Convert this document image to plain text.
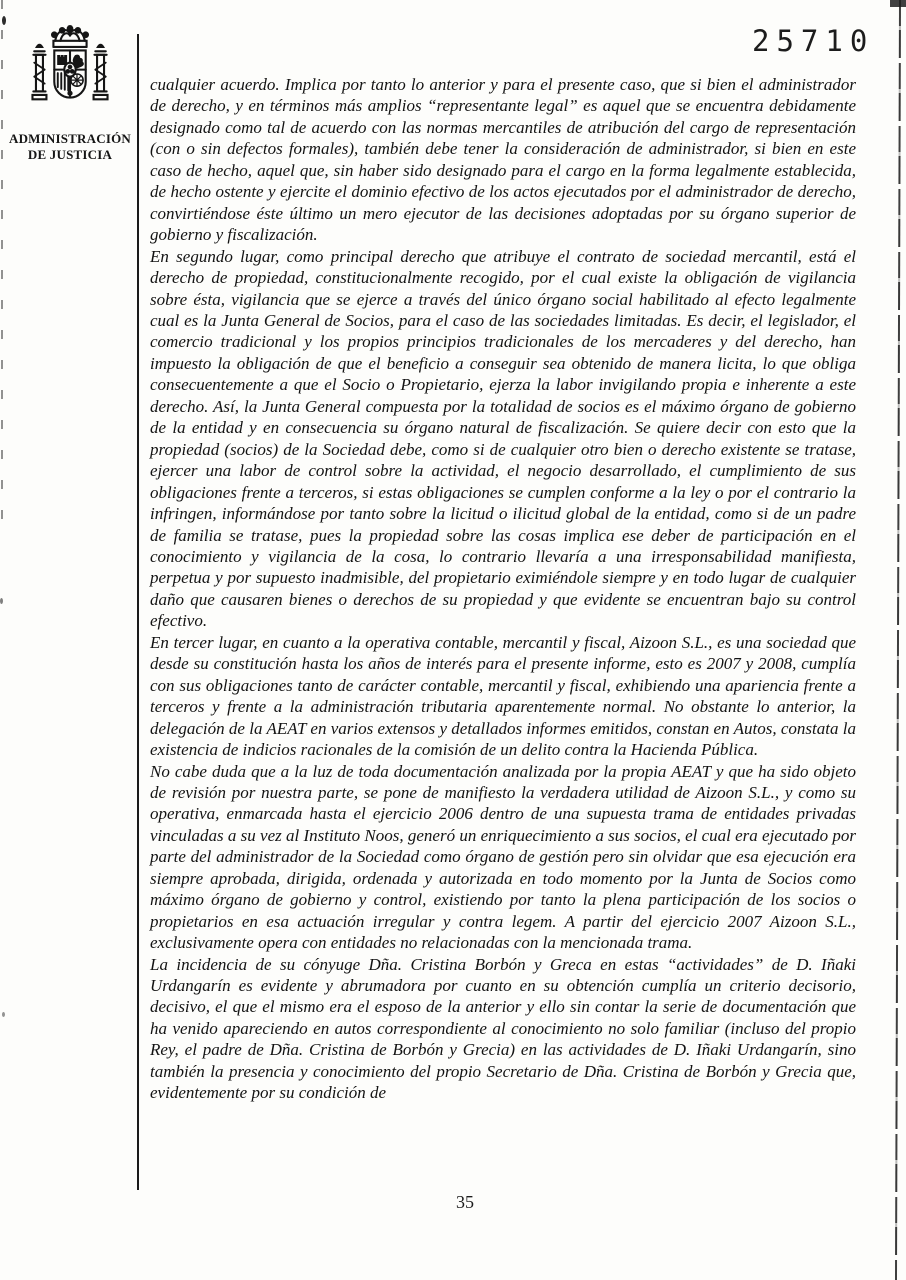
25710
ADMINISTRACIÓN
DE JUSTICIA

cualquier acuerdo. Implica por tanto lo anterior y para el presente caso, que si bien el administrador de derecho, y en términos más amplios “representante legal” es aquel que se encuentra debidamente designado como tal de acuerdo con las normas mercantiles de atribución del cargo de representación (con o sin defectos formales), también debe tener la consideración de administrador, si bien en este caso de hecho, aquel que, sin haber sido designado para el cargo en la forma legalmente establecida, de hecho ostente y ejercite el dominio efectivo de los actos ejecutados por el administrador de derecho, convirtiéndose éste último un mero ejecutor de las decisiones adoptadas por su órgano superior de gobierno y fiscalización.

En segundo lugar, como principal derecho que atribuye el contrato de sociedad mercantil, está el derecho de propiedad, constitucionalmente recogido, por el cual existe la obligación de vigilancia sobre ésta, vigilancia que se ejerce a través del único órgano social habilitado al efecto legalmente cual es la Junta General de Socios, para el caso de las sociedades limitadas. Es decir, el legislador, el comercio tradicional y los propios principios tradicionales de los mercaderes y del derecho, han impuesto la obligación de que el beneficio a conseguir sea obtenido de manera licita, lo que obliga consecuentemente a que el Socio o Propietario, ejerza la labor invigilando propia e inherente a este derecho. Así, la Junta General compuesta por la totalidad de socios es el máximo órgano de gobierno de la entidad y en consecuencia su órgano natural de fiscalización. Se quiere decir con esto que la propiedad (socios) de la Sociedad debe, como si de cualquier otro bien o derecho existente se tratase, ejercer una labor de control sobre la actividad, el negocio desarrollado, el cumplimiento de sus obligaciones frente a terceros, si estas obligaciones se cumplen conforme a la ley o por el contrario la infringen, informándose por tanto sobre la licitud o ilicitud global de la entidad, como si de un padre de familia se tratase, pues la propiedad sobre las cosas implica ese deber de participación en el conocimiento y vigilancia de la cosa, lo contrario llevaría a una irresponsabilidad manifiesta, perpetua y por supuesto inadmisible, del propietario eximiéndole siempre y en todo lugar de cualquier daño que causaren bienes o derechos de su propiedad y que evidente se encuentran bajo su control efectivo.

En tercer lugar, en cuanto a la operativa contable, mercantil y fiscal, Aizoon S.L., es una sociedad que desde su constitución hasta los años de interés para el presente informe, esto es 2007 y 2008, cumplía con sus obligaciones tanto de carácter contable, mercantil y fiscal, exhibiendo una apariencia frente a terceros y frente a la administración tributaria aparentemente normal. No obstante lo anterior, la delegación de la AEAT en varios extensos y detallados informes emitidos, constan en Autos, constata la existencia de indicios racionales de la comisión de un delito contra la Hacienda Pública.

No cabe duda que a la luz de toda documentación analizada por la propia AEAT y que ha sido objeto de revisión por nuestra parte, se pone de manifiesto la verdadera utilidad de Aizoon S.L., y como su operativa, enmarcada hasta el ejercicio 2006 dentro de una supuesta trama de entidades privadas vinculadas a su vez al Instituto Noos, generó un enriquecimiento a sus socios, el cual era ejecutado por parte del administrador de la Sociedad como órgano de gestión pero sin olvidar que esa ejecución era siempre aprobada, dirigida, ordenada y autorizada en todo momento por la Junta de Socios como máximo órgano de gobierno y control, existiendo por tanto la plena participación de los socios o propietarios en esa actuación irregular y contra legem. A partir del ejercicio 2007 Aizoon S.L., exclusivamente opera con entidades no relacionadas con la mencionada trama.

La incidencia de su cónyuge Dña. Cristina Borbón y Greca en estas “actividades” de D. Iñaki Urdangarín es evidente y abrumadora por cuanto en su obtención cumplía un criterio decisorio, decisivo, el que el mismo era el esposo de la anterior y ello sin contar la serie de documentación que ha venido apareciendo en autos correspondiente al conocimiento no solo familiar (incluso del propio Rey, el padre de Dña. Cristina de Borbón y Grecia) en las actividades de D. Iñaki Urdangarín, sino también la presencia y conocimiento del propio Secretario de Dña. Cristina de Borbón y Grecia que, evidentemente por su condición de

35
